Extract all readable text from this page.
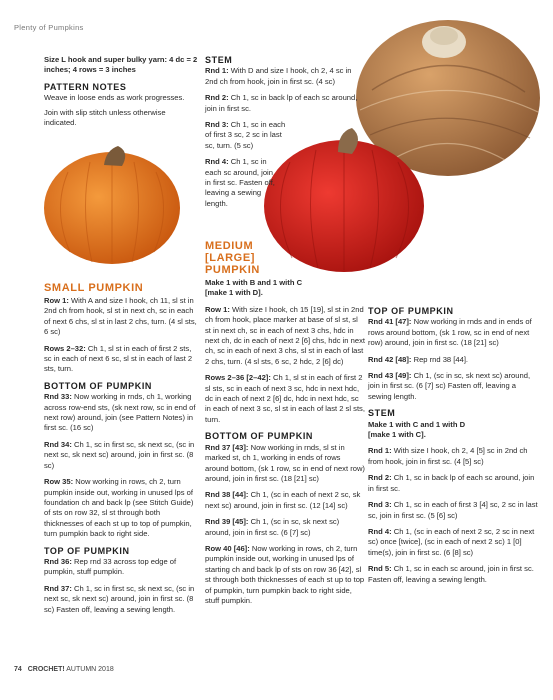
Plenty of Pumpkins

Size L hook and super bulky yarn: 4 dc = 2 inches; 4 rows = 3 inches

PATTERN NOTES

Weave in loose ends as work progresses.

Join with slip stitch unless otherwise indicated.

SMALL PUMPKIN

Row 1: With A and size I hook, ch 11, sl st in 2nd ch from hook, sl st in next ch, sc in each of next 6 chs, sl st in last 2 chs, turn. (4 sl sts, 6 sc)

Rows 2–32: Ch 1, sl st in each of first 2 sts, sc in each of next 6 sc, sl st in each of last 2 sts, turn.

BOTTOM OF PUMPKIN

Rnd 33: Now working in rnds, ch 1, working across row-end sts, (sk next row, sc in end of next row) around, join (see Pattern Notes) in first sc. (16 sc)

Rnd 34: Ch 1, sc in first sc, sk next sc, (sc in next sc, sk next sc) around, join in first sc. (8 sc)

Row 35: Now working in rows, ch 2, turn pumpkin inside out, working in unused lps of foundation ch and back lp (see Stitch Guide) of sts on row 32, sl st through both thicknesses of each st up to top of pumpkin, turn pumpkin back to right side.

TOP OF PUMPKIN

Rnd 36: Rep rnd 33 across top edge of pumpkin, stuff pumpkin.

Rnd 37: Ch 1, sc in first sc, sk next sc, (sc in next sc, sk next sc) around, join in first sc. (8 sc) Fasten off, leaving a sewing length.

STEM

Rnd 1: With D and size I hook, ch 2, 4 sc in 2nd ch from hook, join in first sc. (4 sc)

Rnd 2: Ch 1, sc in back lp of each sc around, join in first sc.

Rnd 3: Ch 1, sc in each of first 3 sc, 2 sc in last sc, turn. (5 sc)

Rnd 4: Ch 1, sc in each sc around, join in first sc. Fasten off, leaving a sewing length.

MEDIUM
[LARGE]
PUMPKIN
Make 1 with B and 1 with C

[make 1 with D].

Row 1: With size I hook, ch 15 [19], sl st in 2nd ch from hook, place marker at base of sl st, sl st in next ch, sc in each of next 3 chs, hdc in next ch, dc in each of next 2 [6] chs, hdc in next ch, sc in each of next 3 chs, sl st in each of last 2 chs, turn. (4 sl sts, 6 sc, 2 hdc, 2 [6] dc)

Rows 2–36 [2–42]: Ch 1, sl st in each of first 2 sl sts, sc in each of next 3 sc, hdc in next hdc, dc in each of next 2 [6] dc, hdc in next hdc, sc in each of next 3 sc, sl st in each of last 2 sl sts, turn.

BOTTOM OF PUMPKIN

Rnd 37 [43]: Now working in rnds, sl st in marked st, ch 1, working in ends of rows around bottom, (sk 1 row, sc in end of next row) around, join in first sc. (18 [21] sc)

Rnd 38 [44]: Ch 1, (sc in each of next 2 sc, sk next sc) around, join in first sc. (12 [14] sc)

Rnd 39 [45]: Ch 1, (sc in sc, sk next sc) around, join in first sc. (6 [7] sc)

Row 40 [46]: Now working in rows, ch 2, turn pumpkin inside out, working in unused lps of starting ch and back lp of sts on row 36 [42], sl st through both thicknesses of each st up to top of pumpkin, turn pumpkin back to right side, stuff pumpkin.

TOP OF PUMPKIN

Rnd 41 [47]: Now working in rnds and in ends of rows around bottom, (sk 1 row, sc in end of next row) around, join in first sc. (18 [21] sc)

Rnd 42 [48]: Rep rnd 38 [44].

Rnd 43 [49]: Ch 1, (sc in sc, sk next sc) around, join in first sc. (6 [7] sc) Fasten off, leaving a sewing length.

STEM
Make 1 with C and 1 with D

[make 1 with C].

Rnd 1: With size I hook, ch 2, 4 [5] sc in 2nd ch from hook, join in first sc. (4 [5] sc)

Rnd 2: Ch 1, sc in back lp of each sc around, join in first sc.

Rnd 3: Ch 1, sc in each of first 3 [4] sc, 2 sc in last sc, join in first sc. (5 [6] sc)

Rnd 4: Ch 1, (sc in each of next 2 sc, 2 sc in next sc) once [twice], (sc in each of next 2 sc) 1 [0] time(s), join in first sc. (6 [8] sc)

Rnd 5: Ch 1, sc in each sc around, join in first sc. Fasten off, leaving a sewing length.

74 CROCHET! AUTUMN 2018
